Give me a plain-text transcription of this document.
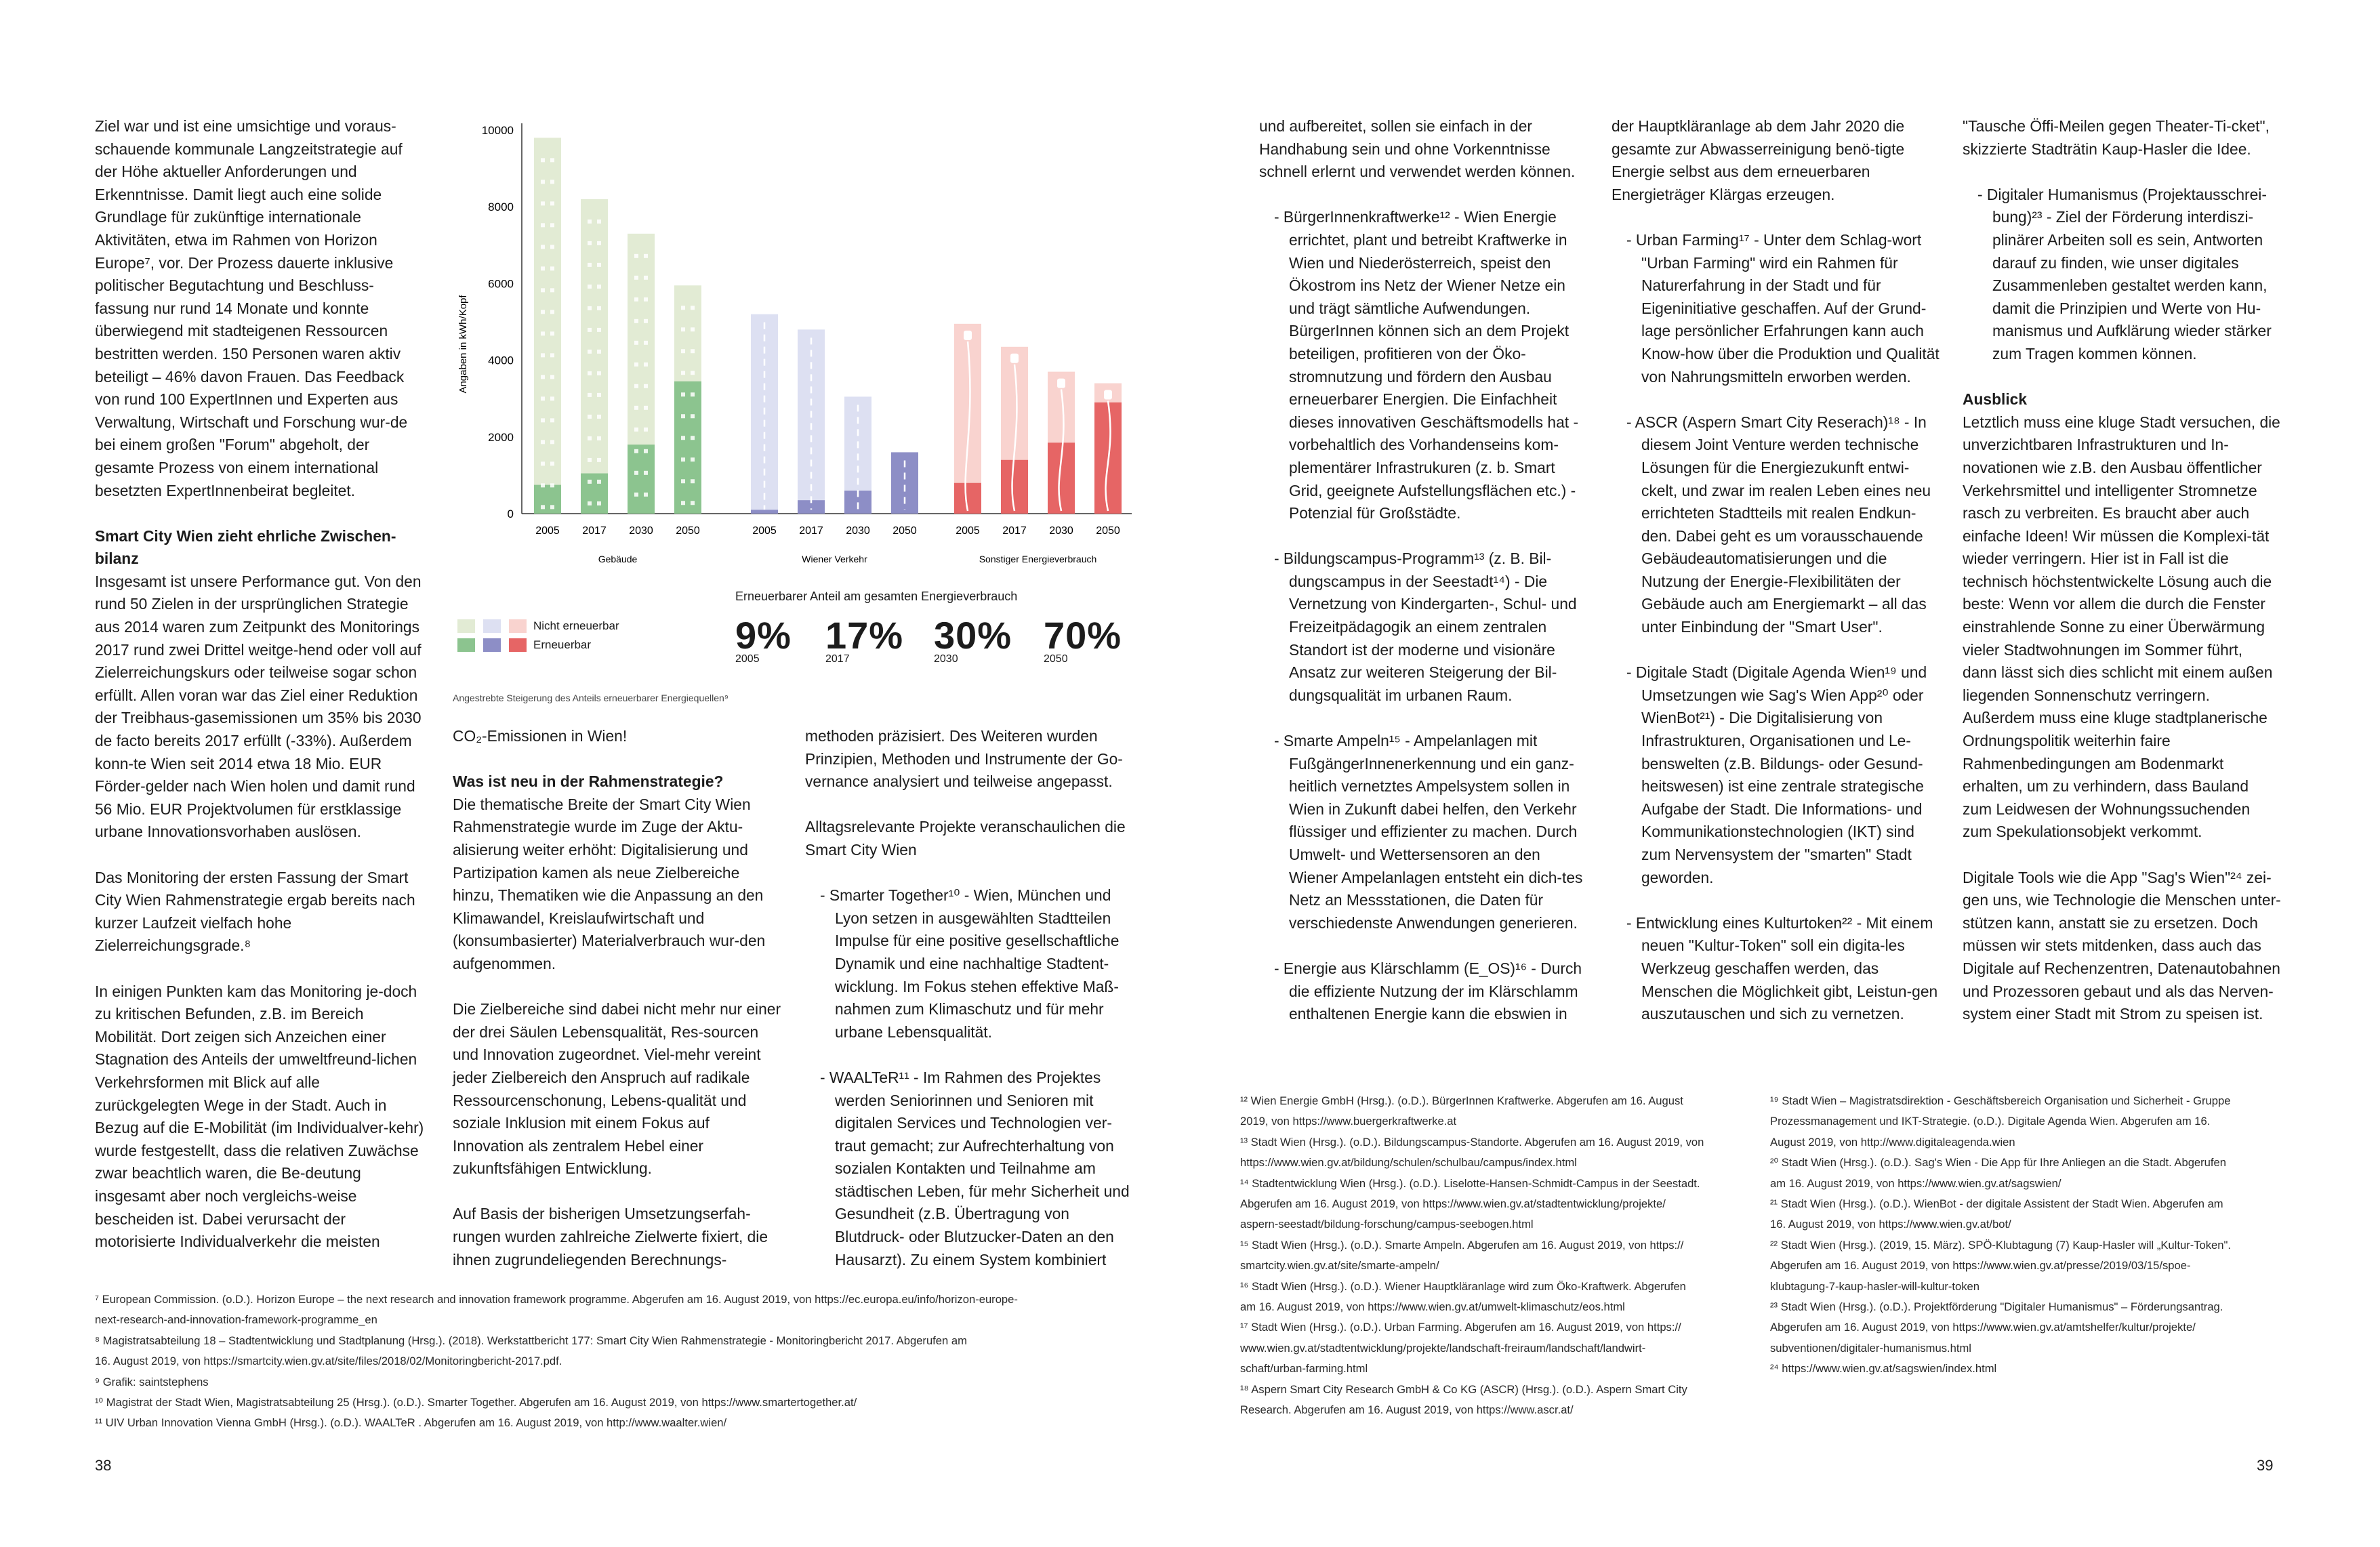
Ziel war und ist eine umsichtige und voraus-schauende kommunale Langzeitstrategie auf der Höhe aktueller Anforderungen und Erkenntnisse. Damit liegt auch eine solide Grundlage für zukünftige internationale Aktivitäten, etwa im Rahmen von Horizon Europe⁷, vor. Der Prozess dauerte inklusive politischer Begutachtung und Beschluss-fassung nur rund 14 Monate und konnte überwiegend mit stadteigenen Ressourcen bestritten werden. 150 Personen waren aktiv beteiligt – 46% davon Frauen. Das Feedback von rund 100 ExpertInnen und Experten aus Verwaltung, Wirtschaft und Forschung wur-de bei einem großen "Forum" abgeholt, der gesamte Prozess von einem international besetzten ExpertInnenbeirat begleitet.

Smart City Wien zieht ehrliche Zwischen-bilanz

Insgesamt ist unsere Performance gut. Von den rund 50 Zielen in der ursprünglichen Strategie aus 2014 waren zum Zeitpunkt des Monitorings 2017 rund zwei Drittel weitge-hend oder voll auf Zielerreichungskurs oder teilweise sogar schon erfüllt. Allen voran war das Ziel einer Reduktion der Treibhaus-gasemissionen um 35% bis 2030 de facto bereits 2017 erfüllt (-33%). Außerdem konn-te Wien seit 2014 etwa 18 Mio. EUR Förder-gelder nach Wien holen und damit rund 56 Mio. EUR Projektvolumen für erstklassige urbane Innovationsvorhaben auslösen.

Das Monitoring der ersten Fassung der Smart City Wien Rahmenstrategie ergab bereits nach kurzer Laufzeit vielfach hohe Zielerreichungsgrade.⁸

In einigen Punkten kam das Monitoring je-doch zu kritischen Befunden, z.B. im Bereich Mobilität. Dort zeigen sich Anzeichen einer Stagnation des Anteils der umweltfreund-lichen Verkehrsformen mit Blick auf alle zurückgelegten Wege in der Stadt. Auch in Bezug auf die E-Mobilität (im Individualver-kehr) wurde festgestellt, dass die relativen Zuwächse zwar beachtlich waren, die Be-deutung insgesamt aber noch vergleichs-weise bescheiden ist. Dabei verursacht der motorisierte Individualverkehr die meisten

0
2000
4000
6000
8000
10000
Angaben in kWh/Kopf
2005 2017 2030 2050
Gebäude
2005 2017 2030 2050
Wiener Verkehr
2005 2017 2030 2050
Sonstiger Energieverbrauch
Nicht erneuerbar
Erneuerbar
Erneuerbarer Anteil am gesamten Energieverbrauch
9%
2005
17%
2017
30%
2030
70%
2050
Angestrebte Steigerung des Anteils erneuerbarer Energiequellen⁹

CO₂-Emissionen in Wien!

Was ist neu in der Rahmenstrategie?

Die thematische Breite der Smart City Wien Rahmenstrategie wurde im Zuge der Aktu-alisierung weiter erhöht: Digitalisierung und Partizipation kamen als neue Zielbereiche hinzu, Thematiken wie die Anpassung an den Klimawandel, Kreislaufwirtschaft und (konsumbasierter) Materialverbrauch wur-den aufgenommen.

Die Zielbereiche sind dabei nicht mehr nur einer der drei Säulen Lebensqualität, Res-sourcen und Innovation zugeordnet. Viel-mehr vereint jeder Zielbereich den Anspruch auf radikale Ressourcenschonung, Lebens-qualität und soziale Inklusion mit einem Fokus auf Innovation als zentralem Hebel einer zukunftsfähigen Entwicklung.

Auf Basis der bisherigen Umsetzungserfah-rungen wurden zahlreiche Zielwerte fixiert, die ihnen zugrundeliegenden Berechnungs-

methoden präzisiert. Des Weiteren wurden Prinzipien, Methoden und Instrumente der Go-vernance analysiert und teilweise angepasst.

Alltagsrelevante Projekte veranschaulichen die Smart City Wien

- Smarter Together¹⁰ - Wien, München und Lyon setzen in ausgewählten Stadtteilen Impulse für eine positive gesellschaftliche Dynamik und eine nachhaltige Stadtent-wicklung. Im Fokus stehen effektive Maß-nahmen zum Klimaschutz und für mehr urbane Lebensqualität.

- WAALTeR¹¹ - Im Rahmen des Projektes werden Seniorinnen und Senioren mit digitalen Services und Technologien ver-traut gemacht; zur Aufrechterhaltung von sozialen Kontakten und Teilnahme am städtischen Leben, für mehr Sicherheit und Gesundheit (z.B. Übertragung von Blutdruck- oder Blutzucker-Daten an den Hausarzt). Zu einem System kombiniert

⁷ European Commission. (o.D.). Horizon Europe – the next research and innovation framework programme. Abgerufen am 16. August 2019, von https://ec.europa.eu/info/horizon-europe-
next-research-and-innovation-framework-programme_en
⁸ Magistratsabteilung 18 – Stadtentwicklung und Stadtplanung (Hrsg.). (2018). Werkstattbericht 177: Smart City Wien Rahmenstrategie - Monitoringbericht 2017. Abgerufen am
16. August 2019, von https://smartcity.wien.gv.at/site/files/2018/02/Monitoringbericht-2017.pdf.
⁹ Grafik: saintstephens
¹⁰ Magistrat der Stadt Wien, Magistratsabteilung 25 (Hrsg.). (o.D.). Smarter Together. Abgerufen am 16. August 2019, von https://www.smartertogether.at/
¹¹ UIV Urban Innovation Vienna GmbH (Hrsg.). (o.D.). WAALTeR . Abgerufen am 16. August 2019, von http://www.waalter.wien/
38

und aufbereitet, sollen sie einfach in der Handhabung sein und ohne Vorkenntnisse schnell erlernt und verwendet werden können.

- BürgerInnenkraftwerke¹² - Wien Energie errichtet, plant und betreibt Kraftwerke in Wien und Niederösterreich, speist den Ökostrom ins Netz der Wiener Netze ein und trägt sämtliche Aufwendungen. BürgerInnen können sich an dem Projekt beteiligen, profitieren von der Öko-stromnutzung und fördern den Ausbau erneuerbarer Energien. Die Einfachheit dieses innovativen Geschäftsmodells hat -vorbehaltlich des Vorhandenseins kom-plementärer Infrastrukuren (z. b. Smart Grid, geeignete Aufstellungsflächen etc.) - Potenzial für Großstädte.

- Bildungscampus-Programm¹³ (z. B. Bil-dungscampus in der Seestadt¹⁴) - Die Vernetzung von Kindergarten-, Schul- und Freizeitpädagogik an einem zentralen Standort ist der moderne und visionäre Ansatz zur weiteren Steigerung der Bil-dungsqualität im urbanen Raum.

- Smarte Ampeln¹⁵ - Ampelanlagen mit FußgängerInnenerkennung und ein ganz-heitlich vernetztes Ampelsystem sollen in Wien in Zukunft dabei helfen, den Verkehr flüssiger und effizienter zu machen. Durch Umwelt- und Wettersensoren an den Wiener Ampelanlagen entsteht ein dich-tes Netz an Messstationen, die Daten für verschiedenste Anwendungen generieren.

- Energie aus Klärschlamm (E_OS)¹⁶ - Durch die effiziente Nutzung der im Klärschlamm enthaltenen Energie kann die ebswien in

der Hauptkläranlage ab dem Jahr 2020 die gesamte zur Abwasserreinigung benö-tigte Energie selbst aus dem erneuerbaren Energieträger Klärgas erzeugen.

- Urban Farming¹⁷ - Unter dem Schlag-wort "Urban Farming" wird ein Rahmen für Naturerfahrung in der Stadt und für Eigeninitiative geschaffen. Auf der Grund-lage persönlicher Erfahrungen kann auch Know-how über die Produktion und Qualität von Nahrungsmitteln erworben werden.

- ASCR (Aspern Smart City Reserach)¹⁸ - In diesem Joint Venture werden technische Lösungen für die Energiezukunft entwi-ckelt, und zwar im realen Leben eines neu errichteten Stadtteils mit realen Endkun-den. Dabei geht es um vorausschauende Gebäudeautomatisierungen und die Nutzung der Energie-Flexibilitäten der Gebäude auch am Energiemarkt – all das unter Einbindung der "Smart User".

- Digitale Stadt (Digitale Agenda Wien¹⁹ und Umsetzungen wie Sag's Wien App²⁰ oder WienBot²¹) - Die Digitalisierung von Infrastrukturen, Organisationen und Le-benswelten (z.B. Bildungs- oder Gesund-heitswesen) ist eine zentrale strategische Aufgabe der Stadt. Die Informations- und Kommunikationstechnologien (IKT) sind zum Nervensystem der "smarten" Stadt geworden.

- Entwicklung eines Kulturtoken²² - Mit einem neuen "Kultur-Token" soll ein digita-les Werkzeug geschaffen werden, das Menschen die Möglichkeit gibt, Leistun-gen auszutauschen und sich zu vernetzen.

"Tausche Öffi-Meilen gegen Theater-Ti-cket", skizzierte Stadträtin Kaup-Hasler die Idee.

- Digitaler Humanismus (Projektausschrei-bung)²³ - Ziel der Förderung interdiszi-plinärer Arbeiten soll es sein, Antworten darauf zu finden, wie unser digitales Zusammenleben gestaltet werden kann, damit die Prinzipien und Werte von Hu-manismus und Aufklärung wieder stärker zum Tragen kommen können.

Ausblick

Letztlich muss eine kluge Stadt versuchen, die unverzichtbaren Infrastrukturen und In-novationen wie z.B. den Ausbau öffentlicher Verkehrsmittel und intelligenter Stromnetze rasch zu verbreiten. Es braucht aber auch einfache Ideen! Wir müssen die Komplexi-tät wieder verringern. Hier ist in Fall ist die technisch höchstentwickelte Lösung auch die beste: Wenn vor allem die durch die Fenster einstrahlende Sonne zu einer Überwärmung vieler Stadtwohnungen im Sommer führt, dann lässt sich dies schlicht mit einem außen liegenden Sonnenschutz verringern. Außerdem muss eine kluge stadtplanerische Ordnungspolitik weiterhin faire Rahmenbedingungen am Bodenmarkt erhalten, um zu verhindern, dass Bauland zum Leidwesen der Wohnungssuchenden zum Spekulationsobjekt verkommt.

Digitale Tools wie die App "Sag's Wien"²⁴ zei-gen uns, wie Technologie die Menschen unter-stützen kann, anstatt sie zu ersetzen. Doch müssen wir stets mitdenken, dass auch das Digitale auf Rechenzentren, Datenautobahnen und Prozessoren gebaut und als das Nerven-system einer Stadt mit Strom zu speisen ist.

¹² Wien Energie GmbH (Hrsg.). (o.D.). BürgerInnen Kraftwerke. Abgerufen am 16. August
2019, von https://www.buergerkraftwerke.at
¹³ Stadt Wien (Hrsg.). (o.D.). Bildungscampus-Standorte. Abgerufen am 16. August 2019, von
https://www.wien.gv.at/bildung/schulen/schulbau/campus/index.html
¹⁴ Stadtentwicklung Wien (Hrsg.). (o.D.). Liselotte-Hansen-Schmidt-Campus in der Seestadt.
Abgerufen am 16. August 2019, von https://www.wien.gv.at/stadtentwicklung/projekte/
aspern-seestadt/bildung-forschung/campus-seebogen.html
¹⁵ Stadt Wien (Hrsg.). (o.D.). Smarte Ampeln. Abgerufen am 16. August 2019, von https://
smartcity.wien.gv.at/site/smarte-ampeln/
¹⁶ Stadt Wien (Hrsg.). (o.D.). Wiener Hauptkläranlage wird zum Öko-Kraftwerk. Abgerufen
am 16. August 2019, von https://www.wien.gv.at/umwelt-klimaschutz/eos.html
¹⁷ Stadt Wien (Hrsg.). (o.D.). Urban Farming. Abgerufen am 16. August 2019, von https://
www.wien.gv.at/stadtentwicklung/projekte/landschaft-freiraum/landschaft/landwirt-
schaft/urban-farming.html
¹⁸ Aspern Smart City Research GmbH & Co KG (ASCR) (Hrsg.). (o.D.). Aspern Smart City
Research. Abgerufen am 16. August 2019, von https://www.ascr.at/
¹⁹ Stadt Wien – Magistratsdirektion - Geschäftsbereich Organisation und Sicherheit - Gruppe
Prozessmanagement und IKT-Strategie. (o.D.). Digitale Agenda Wien. Abgerufen am 16.
August 2019, von http://www.digitaleagenda.wien
²⁰ Stadt Wien (Hrsg.). (o.D.). Sag's Wien - Die App für Ihre Anliegen an die Stadt. Abgerufen
am 16. August 2019, von https://www.wien.gv.at/sagswien/
²¹ Stadt Wien (Hrsg.). (o.D.). WienBot - der digitale Assistent der Stadt Wien. Abgerufen am
16. August 2019, von https://www.wien.gv.at/bot/
²² Stadt Wien (Hrsg.). (2019, 15. März). SPÖ-Klubtagung (7) Kaup-Hasler will „Kultur-Token".
Abgerufen am 16. August 2019, von https://www.wien.gv.at/presse/2019/03/15/spoe-
klubtagung-7-kaup-hasler-will-kultur-token
²³ Stadt Wien (Hrsg.). (o.D.). Projektförderung "Digitaler Humanismus" – Förderungsantrag.
Abgerufen am 16. August 2019, von https://www.wien.gv.at/amtshelfer/kultur/projekte/
subventionen/digitaler-humanismus.html
²⁴ https://www.wien.gv.at/sagswien/index.html
39
